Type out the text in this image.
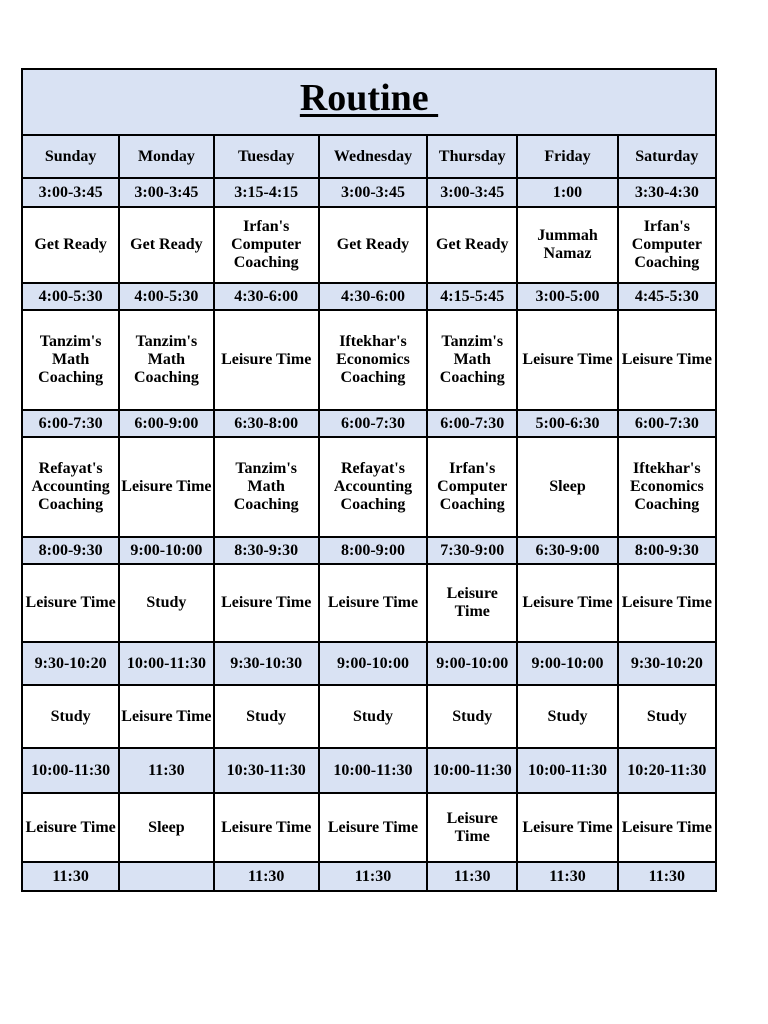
Routine						
Sunday	Monday	Tuesday	Wednesday	Thursday	Friday	Saturday
3:00-3:45	3:00-3:45	3:15-4:15	3:00-3:45	3:00-3:45	1:00	3:30-4:30
Get Ready	Get Ready	Irfan's Computer Coaching	Get Ready	Get Ready	Jummah Namaz	Irfan's Computer Coaching
4:00-5:30	4:00-5:30	4:30-6:00	4:30-6:00	4:15-5:45	3:00-5:00	4:45-5:30
Tanzim's Math Coaching	Tanzim's Math Coaching	Leisure Time	Iftekhar's Economics Coaching	Tanzim's Math Coaching	Leisure Time	Leisure Time
6:00-7:30	6:00-9:00	6:30-8:00	6:00-7:30	6:00-7:30	5:00-6:30	6:00-7:30
Refayat's Accounting Coaching	Leisure Time	Tanzim's Math Coaching	Refayat's Accounting Coaching	Irfan's Computer Coaching	Sleep	Iftekhar's Economics Coaching
8:00-9:30	9:00-10:00	8:30-9:30	8:00-9:00	7:30-9:00	6:30-9:00	8:00-9:30
Leisure Time	Study	Leisure Time	Leisure Time	Leisure Time	Leisure Time	Leisure Time
9:30-10:20	10:00-11:30	9:30-10:30	9:00-10:00	9:00-10:00	9:00-10:00	9:30-10:20
Study	Leisure Time	Study	Study	Study	Study	Study
10:00-11:30	11:30	10:30-11:30	10:00-11:30	10:00-11:30	10:00-11:30	10:20-11:30
Leisure Time	Sleep	Leisure Time	Leisure Time	Leisure Time	Leisure Time	Leisure Time
11:30		11:30	11:30	11:30	11:30	11:30
